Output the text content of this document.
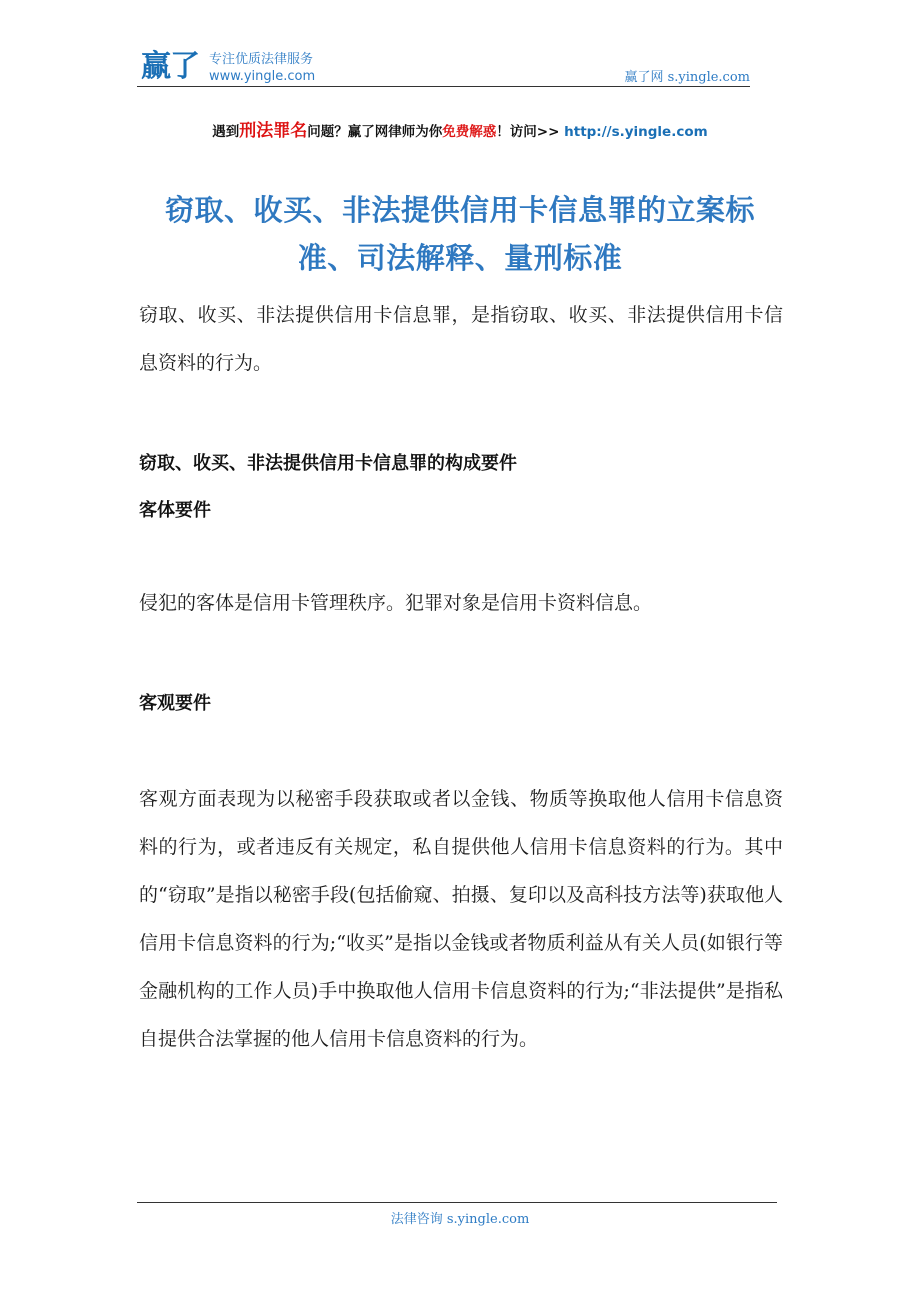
赢了 专注优质法律服务
www.yingle.com	赢了网 s.yingle.com
遇到刑法罪名问题？赢了网律师为你免费解惑！访问>> http://s.yingle.com
窃取、收买、非法提供信用卡信息罪的立案标准、司法解释、量刑标准
窃取、收买、非法提供信用卡信息罪，是指窃取、收买、非法提供信用卡信息资料的行为。
窃取、收买、非法提供信用卡信息罪的构成要件
客体要件
侵犯的客体是信用卡管理秩序。犯罪对象是信用卡资料信息。
客观要件
客观方面表现为以秘密手段获取或者以金钱、物质等换取他人信用卡信息资料的行为，或者违反有关规定，私自提供他人信用卡信息资料的行为。其中的“窃取”是指以秘密手段(包括偷窥、拍摄、复印以及高科技方法等)获取他人信用卡信息资料的行为;“收买”是指以金钱或者物质利益从有关人员(如银行等金融机构的工作人员)手中换取他人信用卡信息资料的行为;“非法提供”是指私自提供合法掌握的他人信用卡信息资料的行为。
法律咨询 s.yingle.com
